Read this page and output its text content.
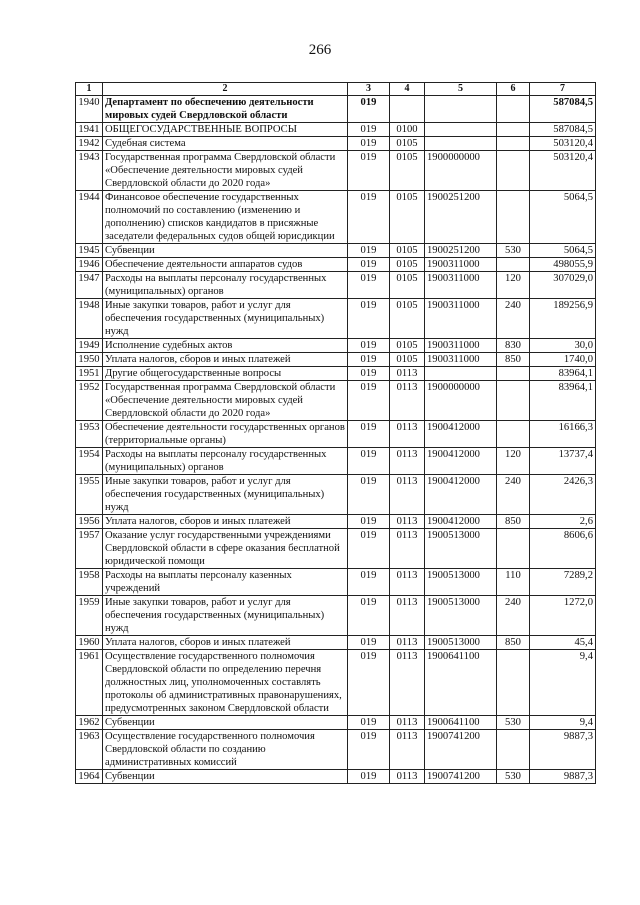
266
1	2	3	4	5	6	7
1940	Департамент по обеспечению деятельности мировых судей Свердловской области	019				587084,5
1941	ОБЩЕГОСУДАРСТВЕННЫЕ ВОПРОСЫ	019	0100			587084,5
1942	Судебная система	019	0105			503120,4
1943	Государственная программа Свердловской области «Обеспечение деятельности мировых судей Свердловской области до 2020 года»	019	0105	1900000000		503120,4
1944	Финансовое обеспечение государственных полномочий по составлению (изменению и дополнению) списков кандидатов в присяжные заседатели федеральных судов общей юрисдикции	019	0105	1900251200		5064,5
1945	Субвенции	019	0105	1900251200	530	5064,5
1946	Обеспечение деятельности аппаратов судов	019	0105	1900311000		498055,9
1947	Расходы на выплаты персоналу государственных (муниципальных) органов	019	0105	1900311000	120	307029,0
1948	Иные закупки товаров, работ и услуг для обеспечения государственных (муниципальных) нужд	019	0105	1900311000	240	189256,9
1949	Исполнение судебных актов	019	0105	1900311000	830	30,0
1950	Уплата налогов, сборов и иных платежей	019	0105	1900311000	850	1740,0
1951	Другие общегосударственные вопросы	019	0113			83964,1
1952	Государственная программа Свердловской области «Обеспечение деятельности мировых судей Свердловской области до 2020 года»	019	0113	1900000000		83964,1
1953	Обеспечение деятельности государственных органов (территориальные органы)	019	0113	1900412000		16166,3
1954	Расходы на выплаты персоналу государственных (муниципальных) органов	019	0113	1900412000	120	13737,4
1955	Иные закупки товаров, работ и услуг для обеспечения государственных (муниципальных) нужд	019	0113	1900412000	240	2426,3
1956	Уплата налогов, сборов и иных платежей	019	0113	1900412000	850	2,6
1957	Оказание услуг государственными учреждениями Свердловской области в сфере оказания бесплатной юридической помощи	019	0113	1900513000		8606,6
1958	Расходы на выплаты персоналу казенных учреждений	019	0113	1900513000	110	7289,2
1959	Иные закупки товаров, работ и услуг для обеспечения государственных (муниципальных) нужд	019	0113	1900513000	240	1272,0
1960	Уплата налогов, сборов и иных платежей	019	0113	1900513000	850	45,4
1961	Осуществление государственного полномочия Свердловской области по определению перечня должностных лиц, уполномоченных составлять протоколы об административных правонарушениях, предусмотренных законом Свердловской области	019	0113	1900641100		9,4
1962	Субвенции	019	0113	1900641100	530	9,4
1963	Осуществление государственного полномочия Свердловской области по созданию административных комиссий	019	0113	1900741200		9887,3
1964	Субвенции	019	0113	1900741200	530	9887,3
